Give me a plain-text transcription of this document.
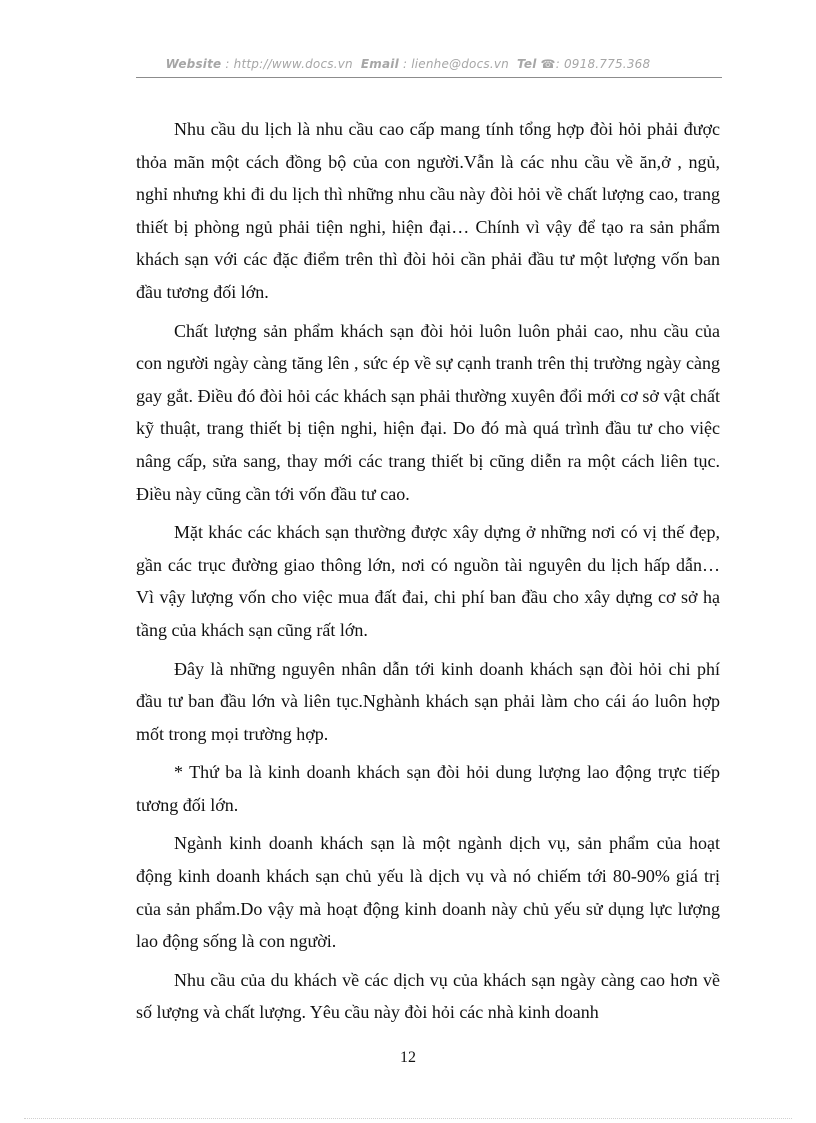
Website : http://www.docs.vn Email : lienhe@docs.vn Tel ☎: 0918.775.368

Nhu cầu du lịch là nhu cầu cao cấp mang tính tổng hợp đòi hỏi phải được thỏa mãn một cách đồng bộ của con người.Vẫn là các nhu cầu về ăn,ở , ngủ, nghỉ nhưng khi đi du lịch thì những nhu cầu này đòi hỏi về chất lượng cao, trang thiết bị phòng ngủ phải tiện nghi, hiện đại… Chính vì vậy để tạo ra sản phẩm khách sạn với các đặc điểm trên thì đòi hỏi cần phải đầu tư một lượng vốn ban đầu tương đối lớn.

Chất lượng sản phẩm khách sạn đòi hỏi luôn luôn phải cao, nhu cầu của con người ngày càng tăng lên , sức ép về sự cạnh tranh trên thị trường ngày càng gay gắt. Điều đó đòi hỏi các khách sạn phải thường xuyên đổi mới cơ sở vật chất kỹ thuật, trang thiết bị tiện nghi, hiện đại. Do đó mà quá trình đầu tư cho việc nâng cấp, sửa sang, thay mới các trang thiết bị cũng diễn ra một cách liên tục. Điều này cũng cần tới vốn đầu tư cao.

Mặt khác các khách sạn thường được xây dựng ở những nơi có vị thế đẹp, gần các trục đường giao thông lớn, nơi có nguồn tài nguyên du lịch hấp dẫn… Vì vậy lượng vốn cho việc mua đất đai, chi phí ban đầu cho xây dựng cơ sở hạ tầng của khách sạn cũng rất lớn.

Đây là những nguyên nhân dẫn tới kinh doanh khách sạn đòi hỏi chi phí đầu tư ban đầu lớn và liên tục.Nghành khách sạn phải làm cho cái áo luôn hợp mốt trong mọi trường hợp.

* Thứ ba là kinh doanh khách sạn đòi hỏi dung lượng lao động trực tiếp tương đối lớn.

Ngành kinh doanh khách sạn là một ngành dịch vụ, sản phẩm của hoạt động kinh doanh khách sạn chủ yếu là dịch vụ và nó chiếm tới 80-90% giá trị của sản phẩm.Do vậy mà hoạt động kinh doanh này chủ yếu sử dụng lực lượng lao động sống là con người.

Nhu cầu của du khách về các dịch vụ của khách sạn ngày càng cao hơn về số lượng và chất lượng. Yêu cầu này đòi hỏi các nhà kinh doanh

12
